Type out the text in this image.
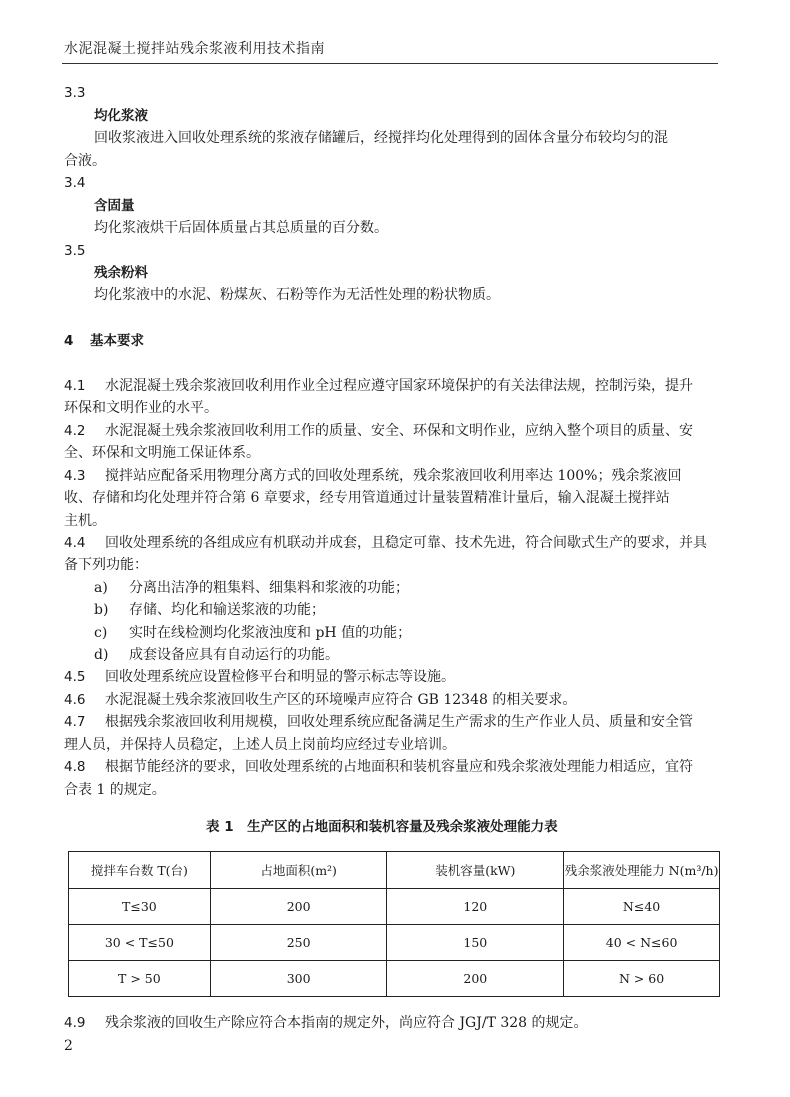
水泥混凝土搅拌站残余浆液利用技术指南
3.3
均化浆液
回收浆液进入回收处理系统的浆液存储罐后，经搅拌均化处理得到的固体含量分布较均匀的混
合液。
3.4
含固量
均化浆液烘干后固体质量占其总质量的百分数。
3.5
残余粉料
均化浆液中的水泥、粉煤灰、石粉等作为无活性处理的粉状物质。
4 基本要求
4.1 水泥混凝土残余浆液回收利用作业全过程应遵守国家环境保护的有关法律法规，控制污染，提升
环保和文明作业的水平。
4.2 水泥混凝土残余浆液回收利用工作的质量、安全、环保和文明作业，应纳入整个项目的质量、安
全、环保和文明施工保证体系。
4.3 搅拌站应配备采用物理分离方式的回收处理系统，残余浆液回收利用率达 100%；残余浆液回
收、存储和均化处理并符合第 6 章要求，经专用管道通过计量装置精准计量后，输入混凝土搅拌站
主机。
4.4 回收处理系统的各组成应有机联动并成套，且稳定可靠、技术先进，符合间歇式生产的要求，并具
备下列功能：
a) 分离出洁净的粗集料、细集料和浆液的功能；
b) 存储、均化和输送浆液的功能；
c) 实时在线检测均化浆液浊度和 pH 值的功能；
d) 成套设备应具有自动运行的功能。
4.5 回收处理系统应设置检修平台和明显的警示标志等设施。
4.6 水泥混凝土残余浆液回收生产区的环境噪声应符合 GB 12348 的相关要求。
4.7 根据残余浆液回收利用规模，回收处理系统应配备满足生产需求的生产作业人员、质量和安全管
理人员，并保持人员稳定，上述人员上岗前均应经过专业培训。
4.8 根据节能经济的要求，回收处理系统的占地面积和装机容量应和残余浆液处理能力相适应，宜符
合表 1 的规定。
表 1　生产区的占地面积和装机容量及残余浆液处理能力表
搅拌车台数 T(台)	占地面积(m²)	装机容量(kW)	残余浆液处理能力 N(m³/h)
T≤30	200	120	N≤40
30 < T≤50	250	150	40 < N≤60
T > 50	300	200	N > 60
4.9 残余浆液的回收生产除应符合本指南的规定外，尚应符合 JGJ/T 328 的规定。
2
